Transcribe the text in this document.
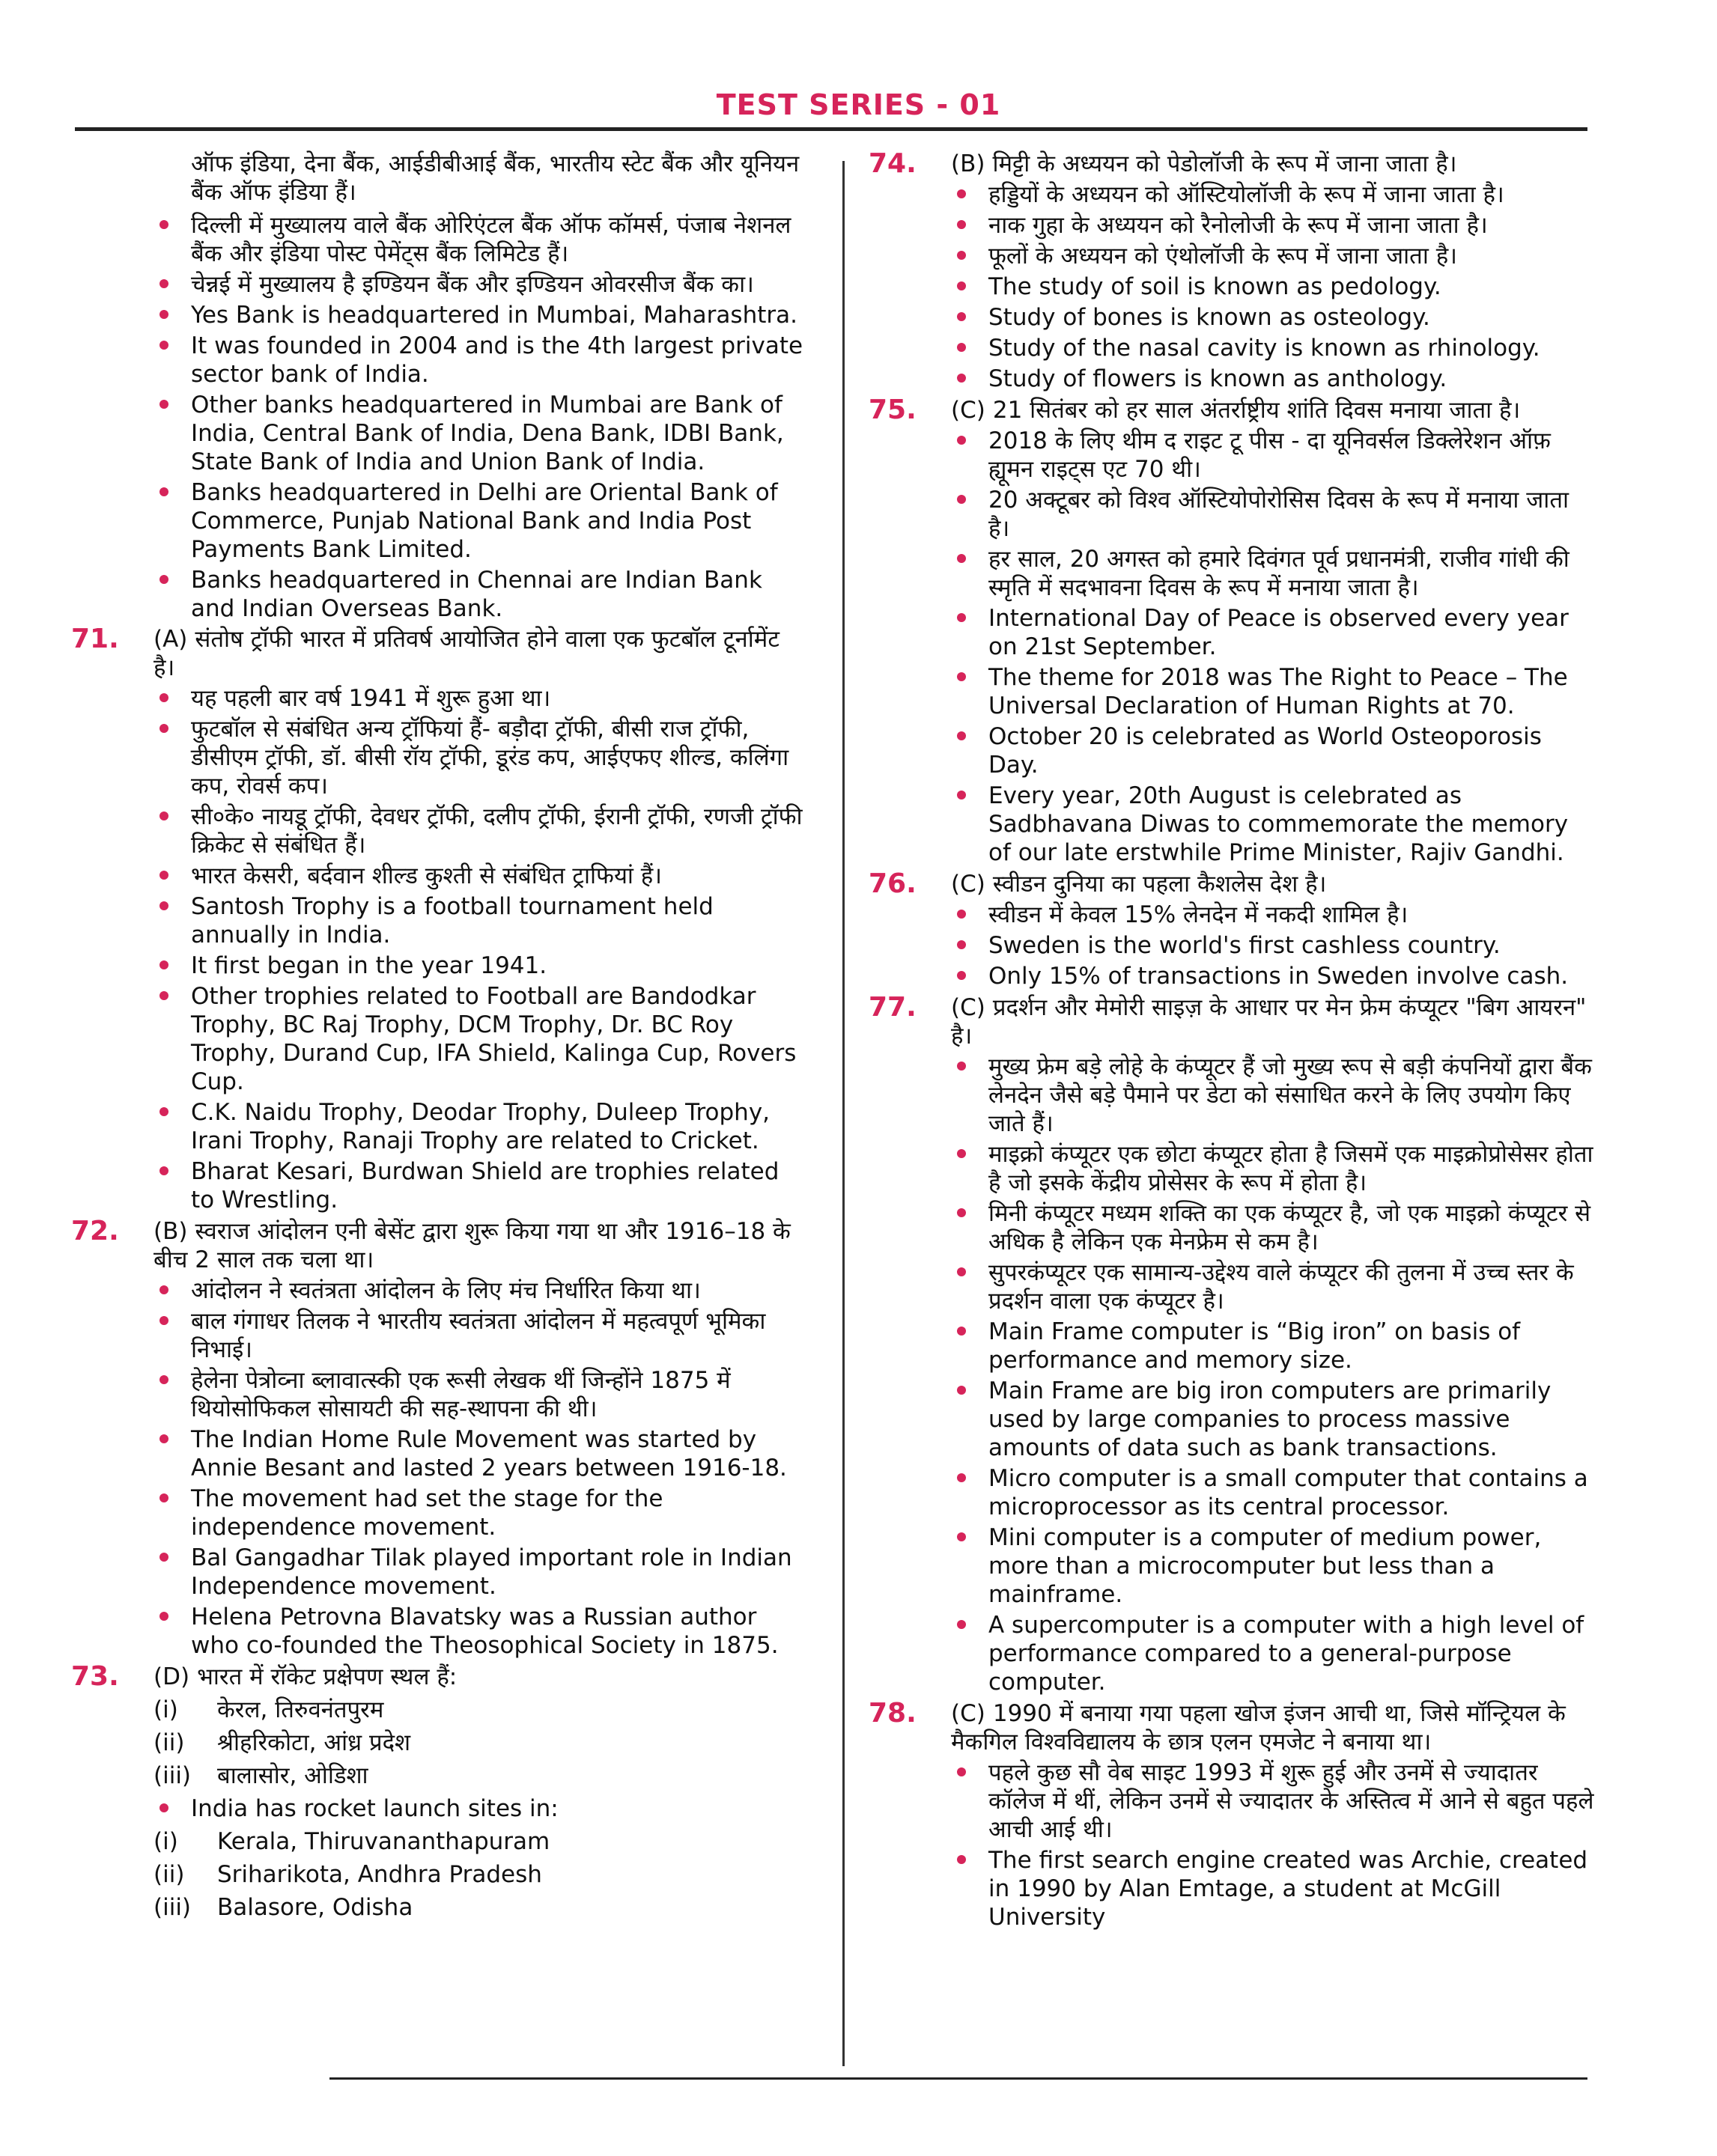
TEST SERIES - 01
ऑफ इंडिया, देना बैंक, आईडीबीआई बैंक, भारतीय स्टेट बैंक और यूनियन बैंक ऑफ इंडिया हैं।
दिल्ली में मुख्यालय वाले बैंक ओरिएंटल बैंक ऑफ कॉमर्स, पंजाब नेशनल बैंक और इंडिया पोस्ट पेमेंट्स बैंक लिमिटेड हैं।
चेन्नई में मुख्यालय है इण्डियन बैंक और इण्डियन ओवरसीज बैंक का।
Yes Bank is headquartered in Mumbai, Maharashtra.
It was founded in 2004 and is the 4th largest private sector bank of India.
Other banks headquartered in Mumbai are Bank of India, Central Bank of India, Dena Bank, IDBI Bank, State Bank of India and Union Bank of India.
Banks headquartered in Delhi are Oriental Bank of Commerce, Punjab National Bank and India Post Payments Bank Limited.
Banks headquartered in Chennai are Indian Bank and Indian Overseas Bank.
71. (A) संतोष ट्रॉफी भारत में प्रतिवर्ष आयोजित होने वाला एक फुटबॉल टूर्नामेंट है।
यह पहली बार वर्ष 1941 में शुरू हुआ था।
फुटबॉल से संबंधित अन्य ट्रॉफियां हैं- बड़ौदा ट्रॉफी, बीसी राज ट्रॉफी, डीसीएम ट्रॉफी, डॉ. बीसी रॉय ट्रॉफी, डूरंड कप, आईएफए शील्ड, कलिंगा कप, रोवर्स कप।
सी०के० नायडू ट्रॉफी, देवधर ट्रॉफी, दलीप ट्रॉफी, ईरानी ट्रॉफी, रणजी ट्रॉफी क्रिकेट से संबंधित हैं।
भारत केसरी, बर्दवान शील्ड कुश्ती से संबंधित ट्राफियां हैं।
Santosh Trophy is a football tournament held annually in India.
It first began in the year 1941.
Other trophies related to Football are Bandodkar Trophy, BC Raj Trophy, DCM Trophy, Dr. BC Roy Trophy, Durand Cup, IFA Shield, Kalinga Cup, Rovers Cup.
C.K. Naidu Trophy, Deodar Trophy, Duleep Trophy, Irani Trophy, Ranaji Trophy are related to Cricket.
Bharat Kesari, Burdwan Shield are trophies related to Wrestling.
72. (B) स्वराज आंदोलन एनी बेसेंट द्वारा शुरू किया गया था और 1916–18 के बीच 2 साल तक चला था।
आंदोलन ने स्वतंत्रता आंदोलन के लिए मंच निर्धारित किया था।
बाल गंगाधर तिलक ने भारतीय स्वतंत्रता आंदोलन में महत्वपूर्ण भूमिका निभाई।
हेलेना पेत्रोव्ना ब्लावात्स्की एक रूसी लेखक थीं जिन्होंने 1875 में थियोसोफिकल सोसायटी की सह-स्थापना की थी।
The Indian Home Rule Movement was started by Annie Besant and lasted 2 years between 1916-18.
The movement had set the stage for the independence movement.
Bal Gangadhar Tilak played important role in Indian Independence movement.
Helena Petrovna Blavatsky was a Russian author who co-founded the Theosophical Society in 1875.
73. (D) भारत में रॉकेट प्रक्षेपण स्थल हैं:
(i) केरल, तिरुवनंतपुरम
(ii) श्रीहरिकोटा, आंध्र प्रदेश
(iii) बालासोर, ओडिशा
India has rocket launch sites in:
(i) Kerala, Thiruvananthapuram
(ii) Sriharikota, Andhra Pradesh
(iii) Balasore, Odisha
74. (B) मिट्टी के अध्ययन को पेडोलॉजी के रूप में जाना जाता है।
हड्डियों के अध्ययन को ऑस्टियोलॉजी के रूप में जाना जाता है।
नाक गुहा के अध्ययन को रैनोलोजी के रूप में जाना जाता है।
फूलों के अध्ययन को एंथोलॉजी के रूप में जाना जाता है।
The study of soil is known as pedology.
Study of bones is known as osteology.
Study of the nasal cavity is known as rhinology.
Study of flowers is known as anthology.
75. (C) 21 सितंबर को हर साल अंतर्राष्ट्रीय शांति दिवस मनाया जाता है।
2018 के लिए थीम द राइट टू पीस - दा यूनिवर्सल डिक्लेरेशन ऑफ़ ह्यूमन राइट्स एट 70 थी।
20 अक्टूबर को विश्व ऑस्टियोपोरोसिस दिवस के रूप में मनाया जाता है।
हर साल, 20 अगस्त को हमारे दिवंगत पूर्व प्रधानमंत्री, राजीव गांधी की स्मृति में सदभावना दिवस के रूप में मनाया जाता है।
International Day of Peace is observed every year on 21st September.
The theme for 2018 was The Right to Peace – The Universal Declaration of Human Rights at 70.
October 20 is celebrated as World Osteoporosis Day.
Every year, 20th August is celebrated as Sadbhavana Diwas to commemorate the memory of our late erstwhile Prime Minister, Rajiv Gandhi.
76. (C) स्वीडन दुनिया का पहला कैशलेस देश है।
स्वीडन में केवल 15% लेनदेन में नकदी शामिल है।
Sweden is the world's first cashless country.
Only 15% of transactions in Sweden involve cash.
77. (C) प्रदर्शन और मेमोरी साइज़ के आधार पर मेन फ्रेम कंप्यूटर "बिग आयरन" है।
मुख्य फ्रेम बड़े लोहे के कंप्यूटर हैं जो मुख्य रूप से बड़ी कंपनियों द्वारा बैंक लेनदेन जैसे बड़े पैमाने पर डेटा को संसाधित करने के लिए उपयोग किए जाते हैं।
माइक्रो कंप्यूटर एक छोटा कंप्यूटर होता है जिसमें एक माइक्रोप्रोसेसर होता है जो इसके केंद्रीय प्रोसेसर के रूप में होता है।
मिनी कंप्यूटर मध्यम शक्ति का एक कंप्यूटर है, जो एक माइक्रो कंप्यूटर से अधिक है लेकिन एक मेनफ्रेम से कम है।
सुपरकंप्यूटर एक सामान्य-उद्देश्य वाले कंप्यूटर की तुलना में उच्च स्तर के प्रदर्शन वाला एक कंप्यूटर है।
Main Frame computer is “Big iron” on basis of performance and memory size.
Main Frame are big iron computers are primarily used by large companies to process massive amounts of data such as bank transactions.
Micro computer is a small computer that contains a microprocessor as its central processor.
Mini computer is a computer of medium power, more than a microcomputer but less than a mainframe.
A supercomputer is a computer with a high level of performance compared to a general-purpose computer.
78. (C) 1990 में बनाया गया पहला खोज इंजन आची था, जिसे मॉन्ट्रियल के मैकगिल विश्वविद्यालय के छात्र एलन एमजेट ने बनाया था।
पहले कुछ सौ वेब साइट 1993 में शुरू हुई और उनमें से ज्यादातर कॉलेज में थीं, लेकिन उनमें से ज्यादातर के अस्तित्व में आने से बहुत पहले आची आई थी।
The first search engine created was Archie, created in 1990 by Alan Emtage, a student at McGill University
